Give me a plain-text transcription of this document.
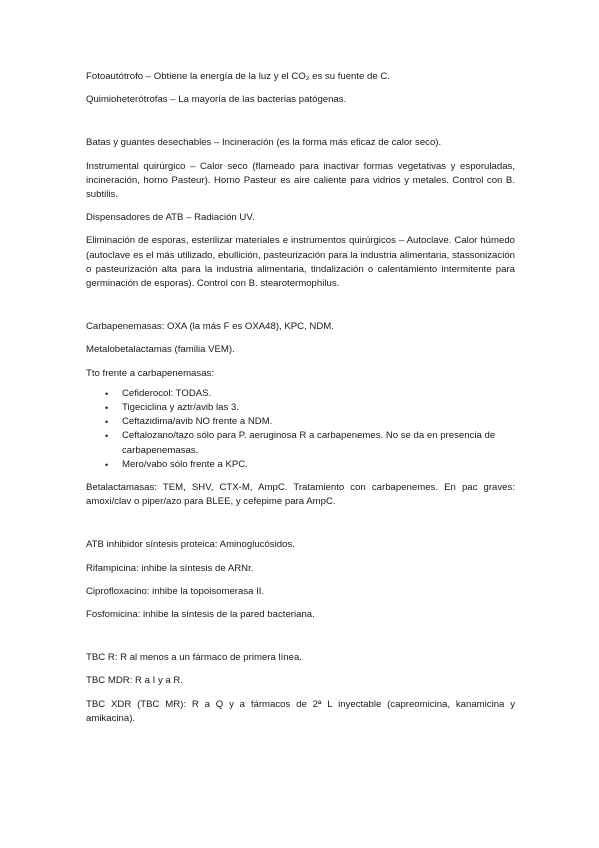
Fotoautótrofo – Obtiene la energía de la luz y el CO₂ es su fuente de C.

Quimioheterótrofas – La mayoría de las bacterias patógenas.

Batas y guantes desechables – Incineración (es la forma más eficaz de calor seco).

Instrumental quirúrgico – Calor seco (flameado para inactivar formas vegetativas y esporuladas, incineración, horno Pasteur). Horno Pasteur es aire caliente para vidrios y metales. Control con B. subtilis.

Dispensadores de ATB – Radiación UV.

Eliminación de esporas, esterilizar materiales e instrumentos quirúrgicos – Autoclave. Calor húmedo (autoclave es el más utilizado, ebullición, pasteurización para la industria alimentaria, stassonización o pasteurización alta para la industria alimentaria, tindalización o calentamiento intermitente para germinación de esporas). Control con B. stearotermophilus.

Carbapenemasas: OXA (la más F es OXA48), KPC, NDM.

Metalobetalactamas (familia VEM).

Tto frente a carbapenemasas:

• Cefiderocol: TODAS.
• Tigeciclina y aztr/avib las 3.
• Ceftazidima/avib NO frente a NDM.
• Ceftalozano/tazo sólo para P. aeruginosa R a carbapenemes. No se da en presencia de carbapenemasas.
• Mero/vabo sólo frente a KPC.

Betalactamasas: TEM, SHV, CTX-M, AmpC. Tratamiento con carbapenemes. En pac graves: amoxi/clav o piper/azo para BLEE, y cefepime para AmpC.

ATB inhibidor síntesis proteica: Aminoglucósidos.

Rifampicina: inhibe la síntesis de ARNr.

Ciprofloxacino: inhibe la topoisomerasa II.

Fosfomicina: inhibe la síntesis de la pared bacteriana.

TBC R: R al menos a un fármaco de primera línea.

TBC MDR: R a I y a R.

TBC XDR (TBC MR): R a Q y a fármacos de 2ª L inyectable (capreomicina, kanamicina y amikacina).
